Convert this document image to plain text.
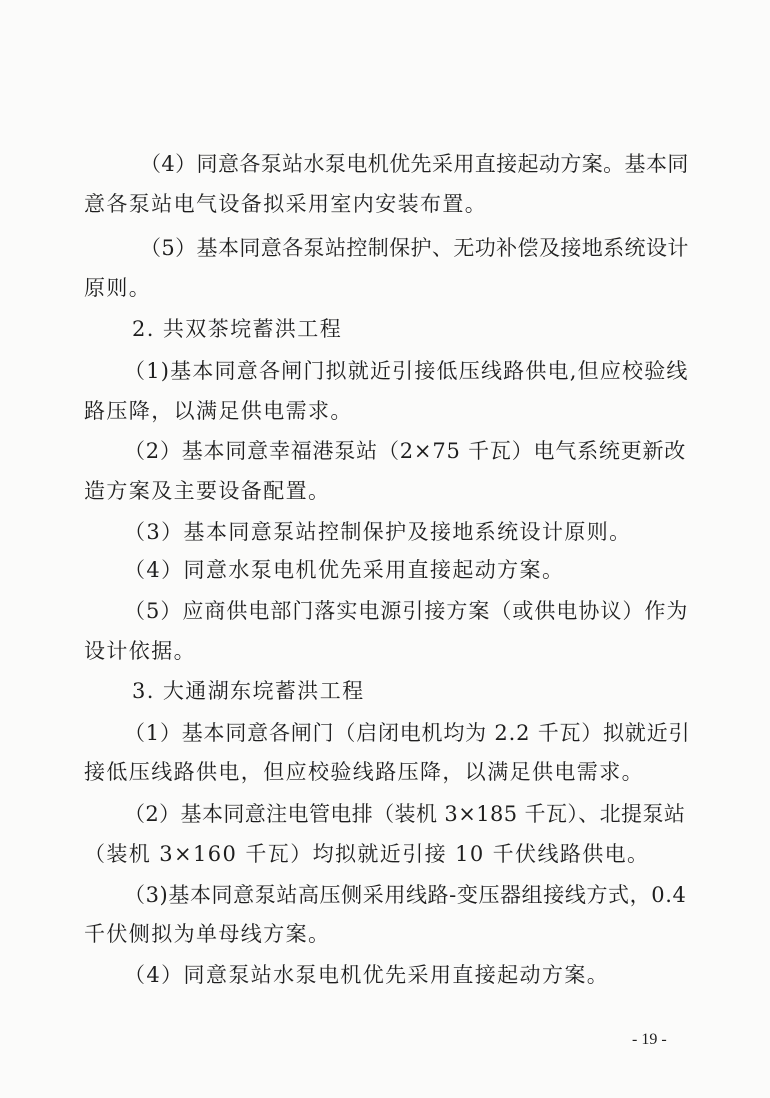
（4）同意各泵站水泵电机优先采用直接起动方案。基本同
意各泵站电气设备拟采用室内安装布置。
（5）基本同意各泵站控制保护、无功补偿及接地系统设计
原则。
2. 共双茶垸蓄洪工程
（1)基本同意各闸门拟就近引接低压线路供电,但应校验线
路压降，以满足供电需求。
（2）基本同意幸福港泵站（2×75 千瓦）电气系统更新改
造方案及主要设备配置。
（3）基本同意泵站控制保护及接地系统设计原则。
（4）同意水泵电机优先采用直接起动方案。
（5）应商供电部门落实电源引接方案（或供电协议）作为
设计依据。
3. 大通湖东垸蓄洪工程
（1）基本同意各闸门（启闭电机均为 2.2 千瓦）拟就近引
接低压线路供电，但应校验线路压降，以满足供电需求。
（2）基本同意注电管电排（装机 3×185 千瓦）、北提泵站
（装机 3×160 千瓦）均拟就近引接 10 千伏线路供电。
（3)基本同意泵站高压侧采用线路-变压器组接线方式，0.4
千伏侧拟为单母线方案。
（4）同意泵站水泵电机优先采用直接起动方案。
- 19 -
